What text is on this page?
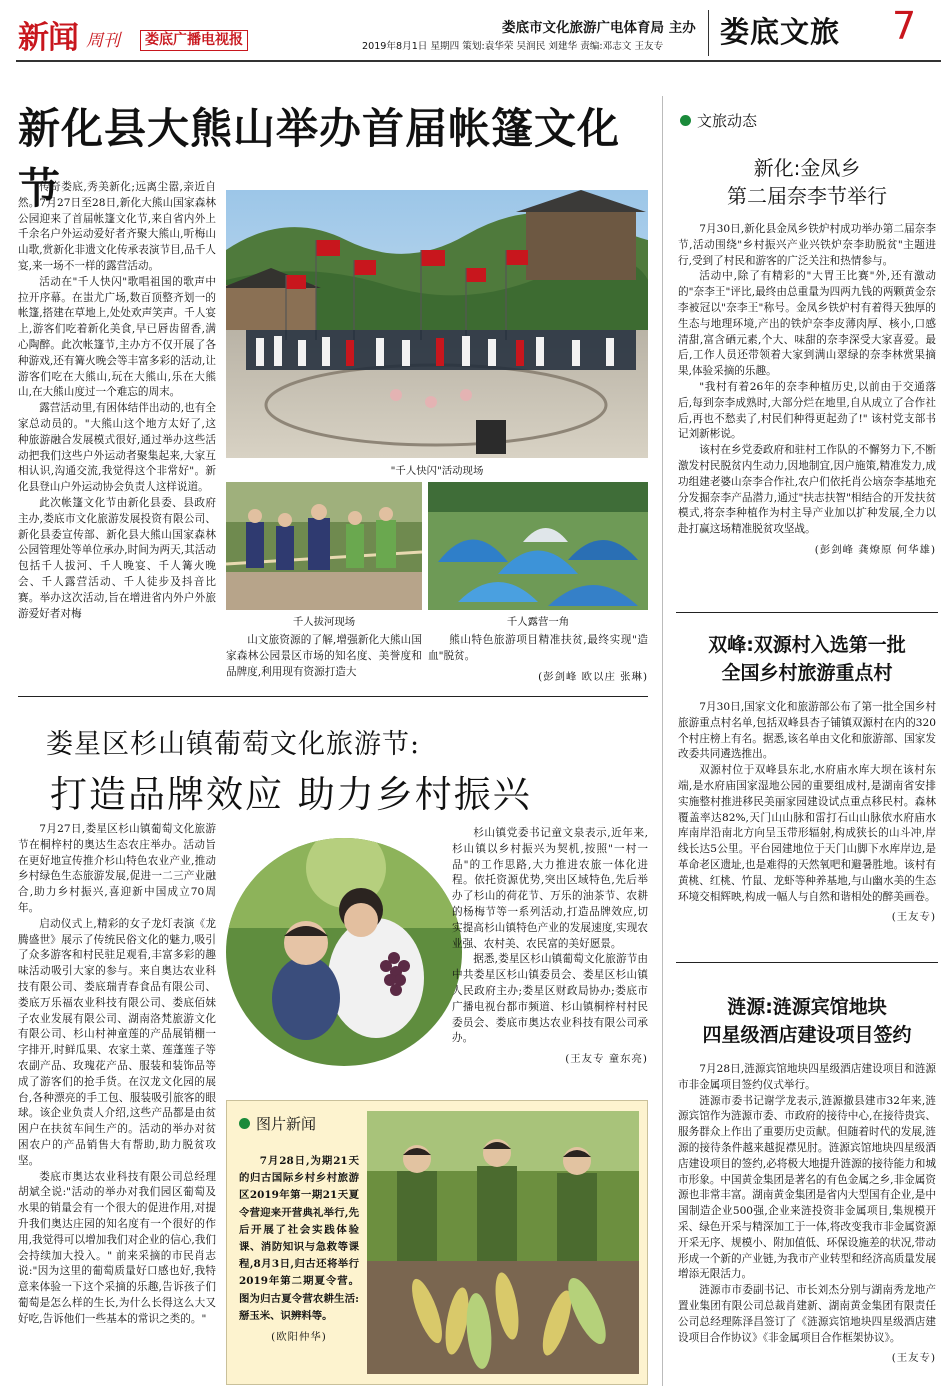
新闻 周刊	娄底广播电视报
娄底市文化旅游广电体育局 主办
2019年8月1日 星期四 策划:袁华荣 吴润民 刘建华 责编:邓志文 王友专 娄底文旅 7
新化县大熊山举办首届帐篷文化节

传奇娄底,秀美新化;远离尘嚣,亲近自然。7月27日至28日,新化大熊山国家森林公园迎来了首届帐篷文化节,来自省内外上千余名户外运动爱好者齐聚大熊山,听梅山山歌,赏新化非遗文化传承表演节目,品千人宴,来一场不一样的露营活动。

活动在"千人快闪"歌唱祖国的歌声中拉开序幕。在蚩尤广场,数百顶整齐划一的帐篷,搭建在草地上,处处欢声笑声。千人宴上,游客们吃着新化美食,早已唇齿留香,满心陶醉。此次帐篷节,主办方不仅开展了各种游戏,还有篝火晚会等丰富多彩的活动,让游客们吃在大熊山,玩在大熊山,乐在大熊山,在大熊山度过一个难忘的周末。

露营活动里,有困体结伴出动的,也有全家总动员的。"大熊山这个地方太好了,这种旅游融合发展模式很好,通过举办这些活动把我们这些户外运动者聚集起来,大家互相认识,沟通交流,我觉得这个非常好"。新化县登山户外运动协会负责人这样说道。

此次帐篷文化节由新化县委、县政府主办,娄底市文化旅游发展投资有限公司、新化县委宣传部、新化县大熊山国家森林公园管理处等单位承办,时间为两天,其活动包括千人拔河、千人晚宴、千人篝火晚会、千人露营活动、千人徒步及抖音比赛。举办这次活动,旨在增进省内外户外旅游爱好者对梅

"千人快闪"活动现场
千人拔河现场	千人露营一角

山文旅资源的了解,增强新化大熊山国家森林公园景区市场的知名度、美誉度和品牌度,利用现有资源打造大

熊山特色旅游项目精准扶贫,最终实现"造血"脱贫。

(彭剑峰 欧以庄 张琳)

娄星区杉山镇葡萄文化旅游节:
打造品牌效应 助力乡村振兴

7月27日,娄星区杉山镇葡萄文化旅游节在桐梓村的奥达生态农庄举办。活动旨在更好地宣传推介杉山特色农业产业,推动乡村绿色生态旅游发展,促进一二三产业融合,助力乡村振兴,喜迎新中国成立70周年。

启动仪式上,精彩的女子龙灯表演《龙腾盛世》展示了传统民俗文化的魅力,吸引了众多游客和村民驻足观看,丰富多彩的趣味活动吸引大家的参与。来自奥达农业科技有限公司、娄底瑞青春食品有限公司、娄底万乐福农业科技有限公司、娄底佰妹子农业发展有限公司、湖南洛梵旅游文化有限公司、杉山村神童莲的产品展销棚一字排开,时鲜瓜果、农家土菜、莲蓬莲子等农副产品、玫瑰花产品、服装和装饰品等成了游客们的抢手货。在汉龙文化园的展台,各种漂亮的手工包、服装吸引旅客的眼球。该企业负责人介绍,这些产品都是由贫困户在扶贫车间生产的。活动的举办对贫困农户的产品销售大有帮助,助力脱贫攻坚。

娄底市奥达农业科技有限公司总经理胡斌全说:"活动的举办对我们园区葡萄及水果的销量会有一个很大的促进作用,对提升我们奥达庄园的知名度有一个很好的作用,我觉得可以增加我们对企业的信心,我们会持续加大投入。" 前来采摘的市民肖志说:"因为这里的葡萄质量好口感也好,我特意来体验一下这个采摘的乐趣,告诉孩子们葡萄是怎么样的生长,为什么长得这么大又好吃,告诉他们一些基本的常识之类的。"

杉山镇党委书记童文泉表示,近年来,杉山镇以乡村振兴为契机,按照"一村一品"的工作思路,大力推进农旅一体化进程。依托资源优势,突出区域特色,先后举办了杉山的荷花节、万乐的油茶节、农耕的杨梅节等一系列活动,打造品牌效应,切实提高杉山镇特色产业的发展速度,实现农业强、农村美、农民富的美好愿景。

据悉,娄星区杉山镇葡萄文化旅游节由中共娄星区杉山镇委员会、娄星区杉山镇人民政府主办;娄星区财政局协办;娄底市广播电视台都市频道、杉山镇桐梓村村民委员会、娄底市奥达农业科技有限公司承办。

(王友专 童东亮)

图片新闻

7月28日,为期21天的归古国际乡村乡村旅游区2019年第一期21天夏令营迎来开营典礼举行,先后开展了社会实践体验课、消防知识与急救等课程,8月3日,归古还将举行2019年第二期夏令营。图为归古夏令营农耕生活:掰玉米、识辨料等。

(欧阳仲华)

文旅动态
新化:金凤乡
第二届奈李节举行

7月30日,新化县金凤乡铁炉村成功举办第二届奈李节,活动围绕"乡村振兴产业兴铁炉奈李助脱贫"主题进行,受到了村民和游客的广泛关注和热情参与。

活动中,除了有精彩的"大胃王比赛"外,还有激动的"奈李王"评比,最终由总重量为四两九钱的两颗黄金奈李被冠以"奈李王"称号。金凤乡铁炉村有着得天独厚的生态与地理环境,产出的铁炉奈李皮薄肉厚、核小,口感清甜,富含硒元素,个大、味甜的奈李深受大家喜爱。最后,工作人员还带领着大家到满山翠绿的奈李林赏果摘果,体验采摘的乐趣。

"我村有着26年的奈李种植历史,以前由于交通落后,每到奈李成熟时,大部分烂在地里,自从成立了合作社后,再也不愁卖了,村民们种得更起劲了!" 该村党支部书记刘新彬说。

该村在乡党委政府和驻村工作队的不懈努力下,不断激发村民脱贫内生动力,因地制宜,因户施策,精准发力,成功组建老婆山奈李合作社,农户们依托肖公垴奈李基地充分发掘奈李产品潜力,通过"扶志扶智"相结合的开发扶贫模式,将奈李种植作为村主导产业加以扩种发展,全力以赴打赢这场精准脱贫攻坚战。

(彭剑峰 龚燎原 何华雄)

双峰:双源村入选第一批
全国乡村旅游重点村

7月30日,国家文化和旅游部公布了第一批全国乡村旅游重点村名单,包括双峰县杏子铺镇双源村在内的320个村庄榜上有名。据悉,该名单由文化和旅游部、国家发改委共同遴选推出。

双源村位于双峰县东北,水府庙水库大坝在该村东端,是水府庙国家湿地公园的重要组成村,是湖南省安排实施整村推进移民美丽家园建设试点重点移民村。森林覆盖率达82%,天门山山脉和雷打石山山脉依水府庙水库南岸沿南北方向呈玉带形辐射,构成狭长的山斗冲,岸线长达5公里。平台园建地位于天门山脚下水库岸边,是革命老区遗址,也是难得的天然氧吧和避暑胜地。该村有黄桃、红桃、竹鼠、龙虾等种养基地,与山幽水美的生态环境交相辉映,构成一幅人与自然和谐相处的醉美画卷。

(王友专)

涟源:涟源宾馆地块
四星级酒店建设项目签约

7月28日,涟源宾馆地块四星级酒店建设项目和涟源市非金属项目签约仪式举行。

涟源市委书记谢学龙表示,涟源撤县建市32年来,涟源宾馆作为涟源市委、市政府的接待中心,在接待贵宾、服务群众上作出了重要历史贡献。但随着时代的发展,涟源的接待条件越来越捉襟见肘。涟源宾馆地块四星级酒店建设项目的签约,必将极大地提升涟源的接待能力和城市形象。中国黄金集团是著名的有色金属之乡,非金属资源也非常丰富。湖南黄金集团是省内大型国有企业,是中国制造企业500强,企业来涟投资非金属项目,集规模开采、绿色开采与精深加工于一体,将改变我市非金属资源开采无序、规模小、附加值低、环保设施差的状况,带动形成一个新的产业链,为我市产业转型和经济高质量发展增添无限活力。

涟源市市委副书记、市长刘杰分别与湖南秀龙地产置业集团有限公司总裁肖建新、湖南黄金集团有限责任公司总经理陈泽昌签订了《涟源宾馆地块四星级酒店建设项目合作协议》《非金属项目合作框架协议》。

(王友专)
